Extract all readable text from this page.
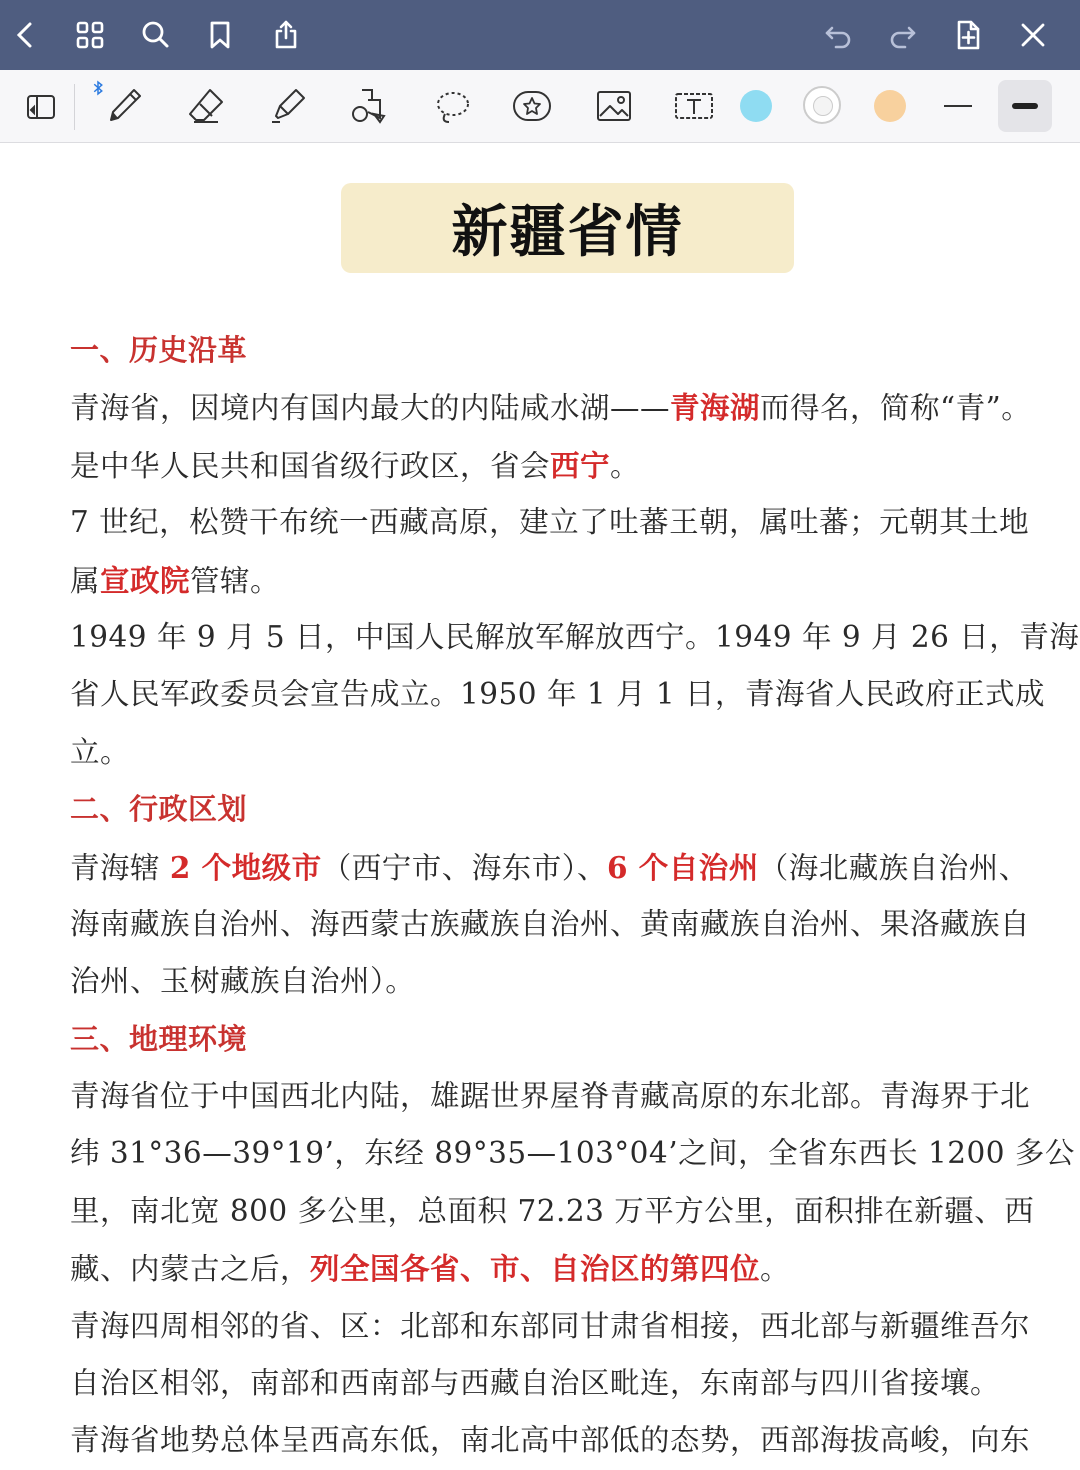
新疆省情
一、历史沿革
青海省，因境内有国内最大的内陆咸水湖——青海湖而得名，简称“青”。
是中华人民共和国省级行政区，省会西宁。
7 世纪，松赞干布统一西藏高原，建立了吐蕃王朝，属吐蕃；元朝其土地
属宣政院管辖。
1949 年 9 月 5 日，中国人民解放军解放西宁。1949 年 9 月 26 日，青海
省人民军政委员会宣告成立。1950 年 1 月 1 日，青海省人民政府正式成
立。
二、行政区划
青海辖 2 个地级市（西宁市、海东市）、6 个自治州（海北藏族自治州、
海南藏族自治州、海西蒙古族藏族自治州、黄南藏族自治州、果洛藏族自
治州、玉树藏族自治州）。
三、地理环境
青海省位于中国西北内陆，雄踞世界屋脊青藏高原的东北部。青海界于北
纬 31°36—39°19’，东经 89°35—103°04’之间，全省东西长 1200 多公
里，南北宽 800 多公里，总面积 72.23 万平方公里，面积排在新疆、西
藏、内蒙古之后，列全国各省、市、自治区的第四位。
青海四周相邻的省、区：北部和东部同甘肃省相接，西北部与新疆维吾尔
自治区相邻，南部和西南部与西藏自治区毗连，东南部与四川省接壤。
青海省地势总体呈西高东低，南北高中部低的态势，西部海拔高峻，向东
